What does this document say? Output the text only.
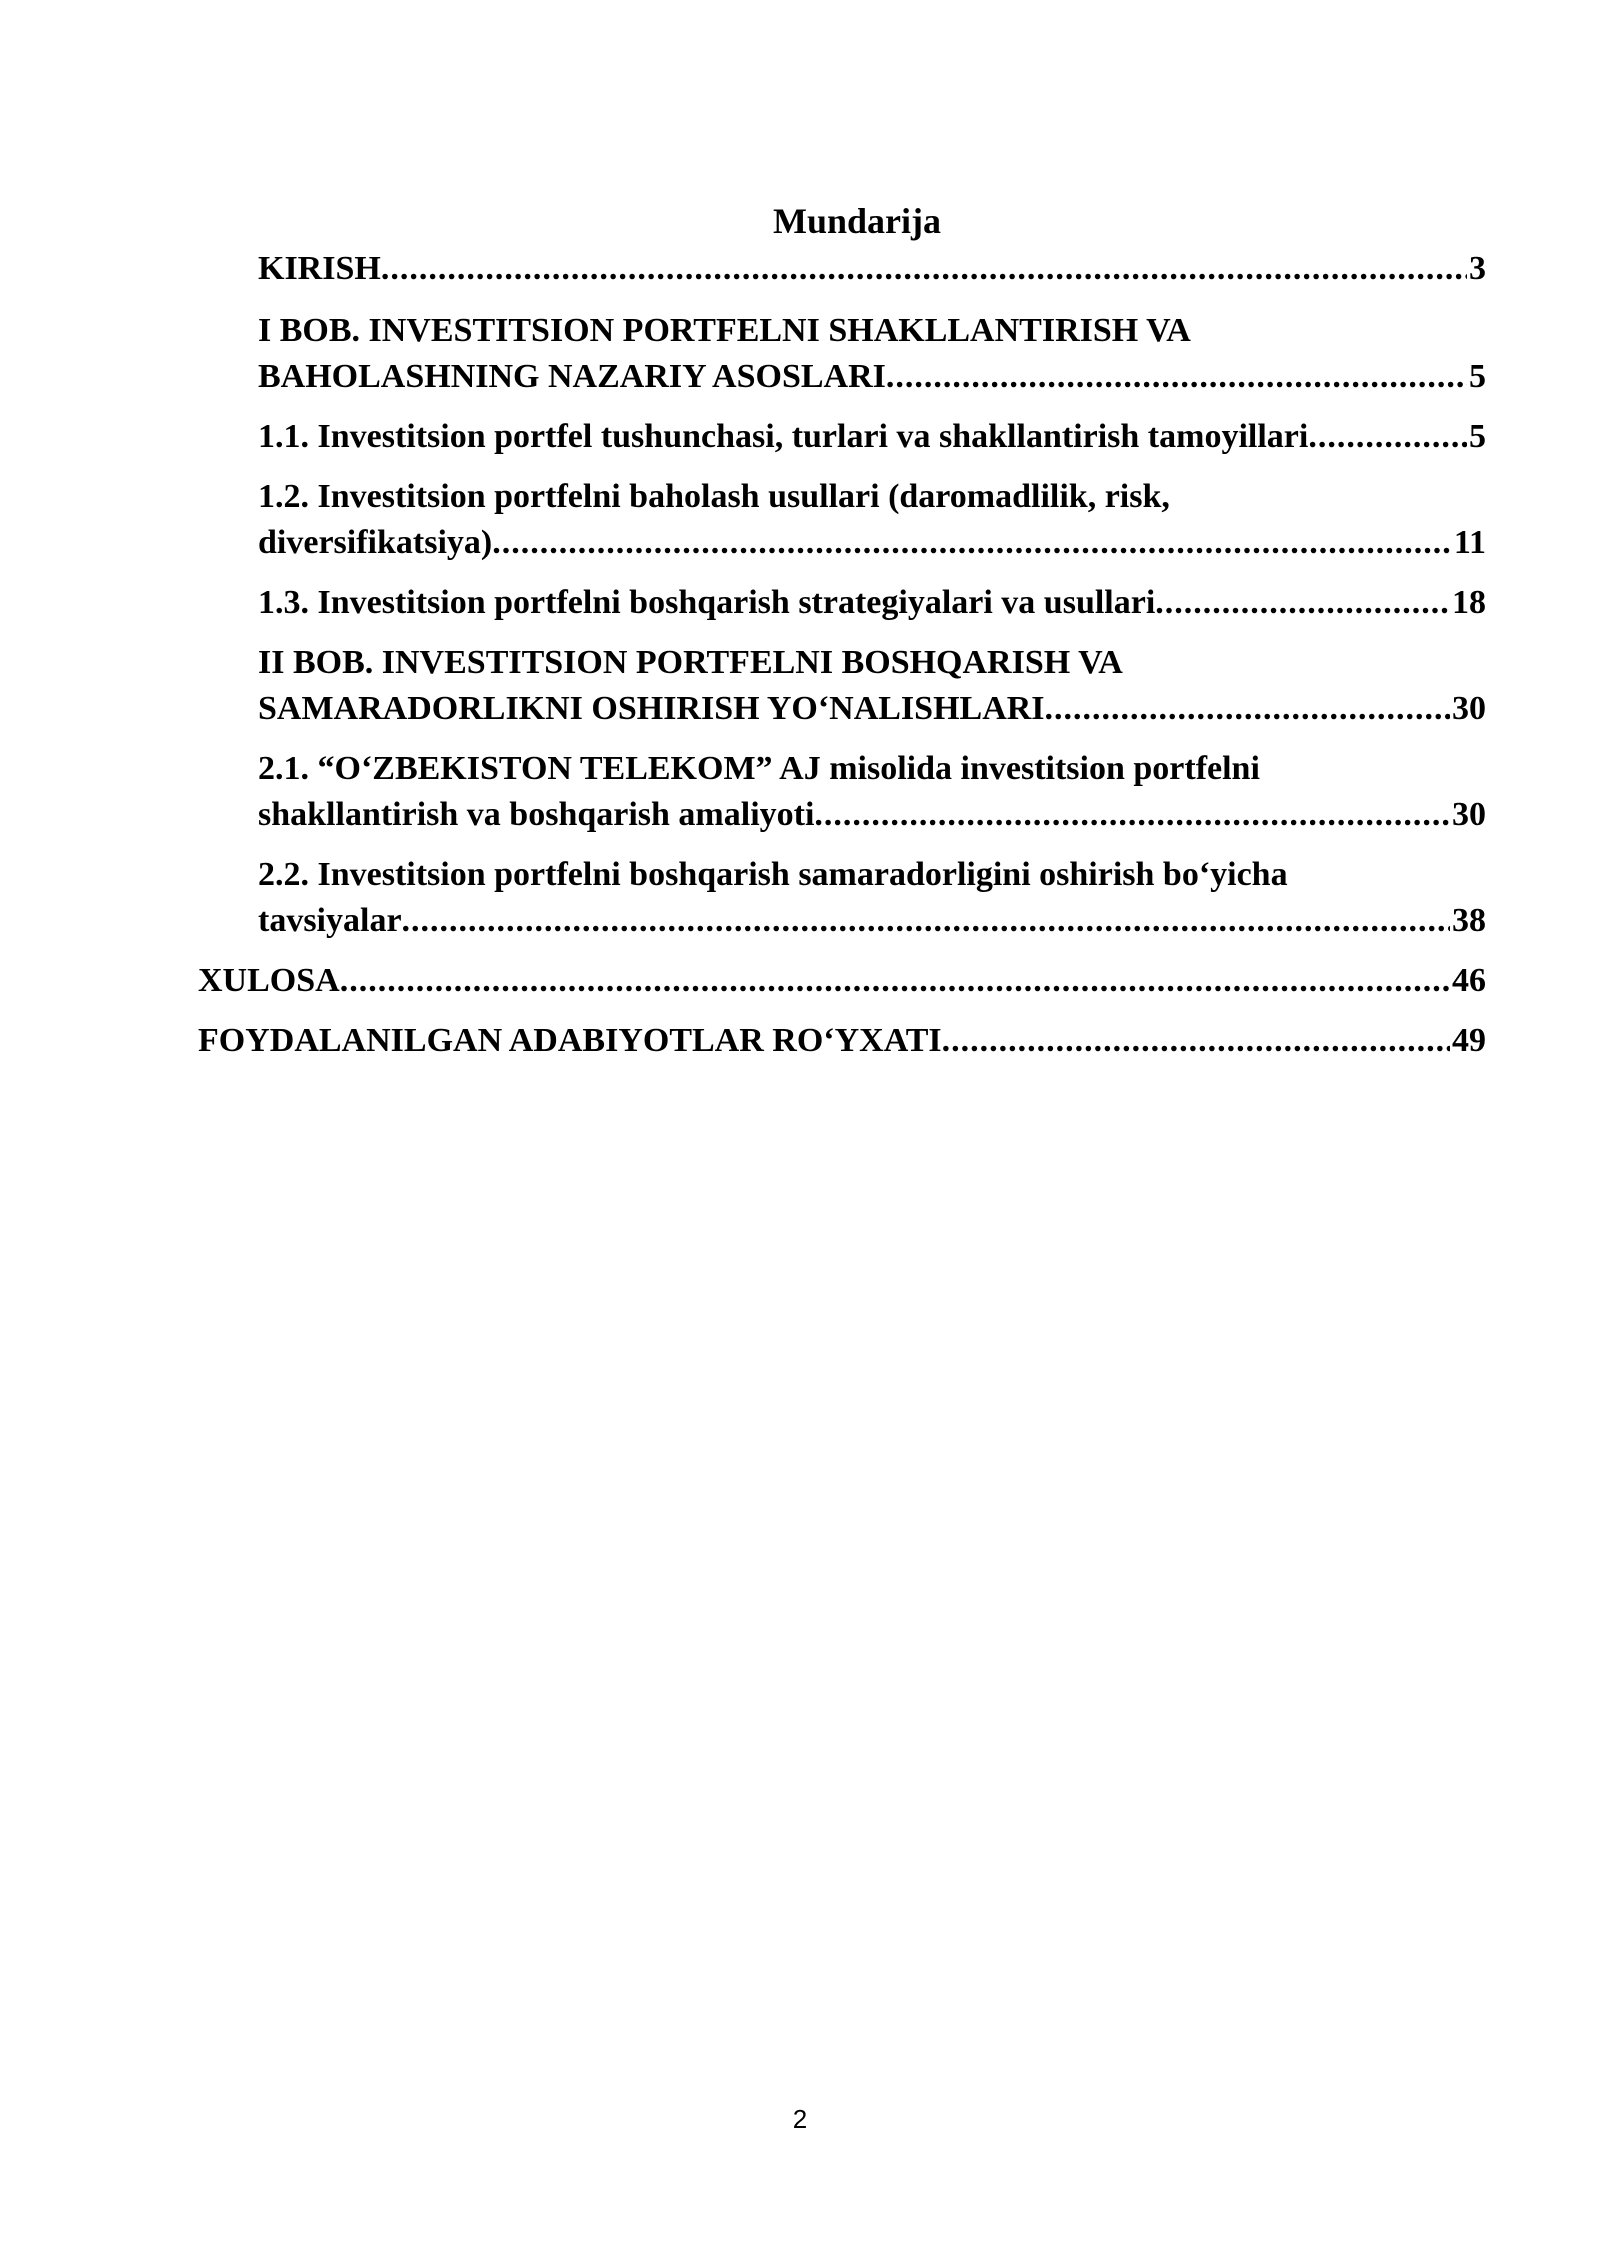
Mundarija
KIRISH .....	3
I BOB. INVESTITSION PORTFELNI SHAKLLANTIRISH VA
BAHOLASHNING NAZARIY ASOSLARI .....	5
1.1. Investitsion portfel tushunchasi, turlari va shakllantirish tamoyillari .....	5
1.2. Investitsion portfelni baholash usullari (daromadlilik, risk,
diversifikatsiya) .....	11
1.3. Investitsion portfelni boshqarish strategiyalari va usullari .....	18
II BOB. INVESTITSION PORTFELNI BOSHQARISH VA
SAMARADORLIKNI OSHIRISH YO‘NALISHLARI .....	30
2.1. “O‘ZBEKISTON TELEKOM” AJ misolida investitsion portfelni
shakllantirish va boshqarish amaliyoti .....	30
2.2. Investitsion portfelni boshqarish samaradorligini oshirish bo‘yicha
tavsiyalar .....	38
XULOSA .....	46
FOYDALANILGAN ADABIYOTLAR RO‘YXATI .....	49
2
